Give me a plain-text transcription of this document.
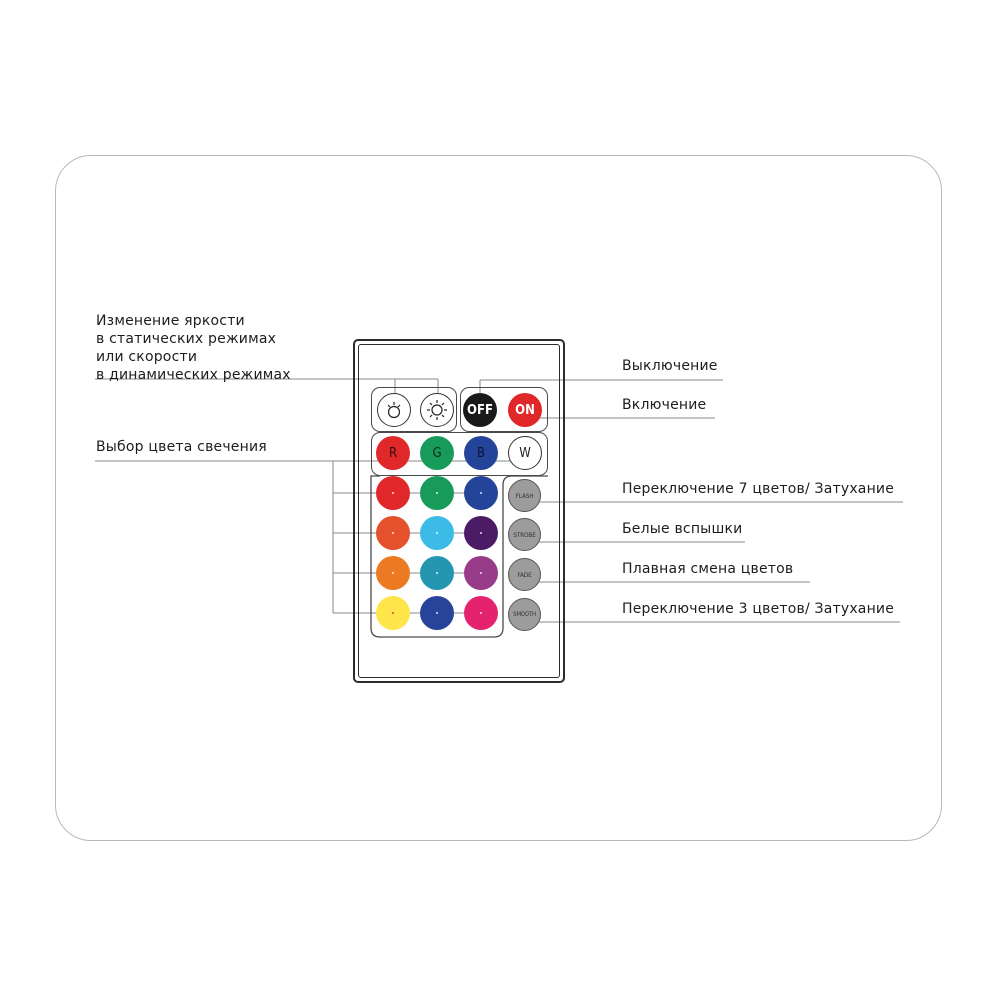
OFF ON
R	G	B	W
FLASH
STROBE
FADE
SMOOTH
Изменение яркости
в статических режимах
или скорости
в динамических режимах
Выключение
Включение
Выбор цвета свечения
Переключение 7 цветов/ Затухание
Белые вспышки
Плавная смена цветов
Переключение 3 цветов/ Затухание
